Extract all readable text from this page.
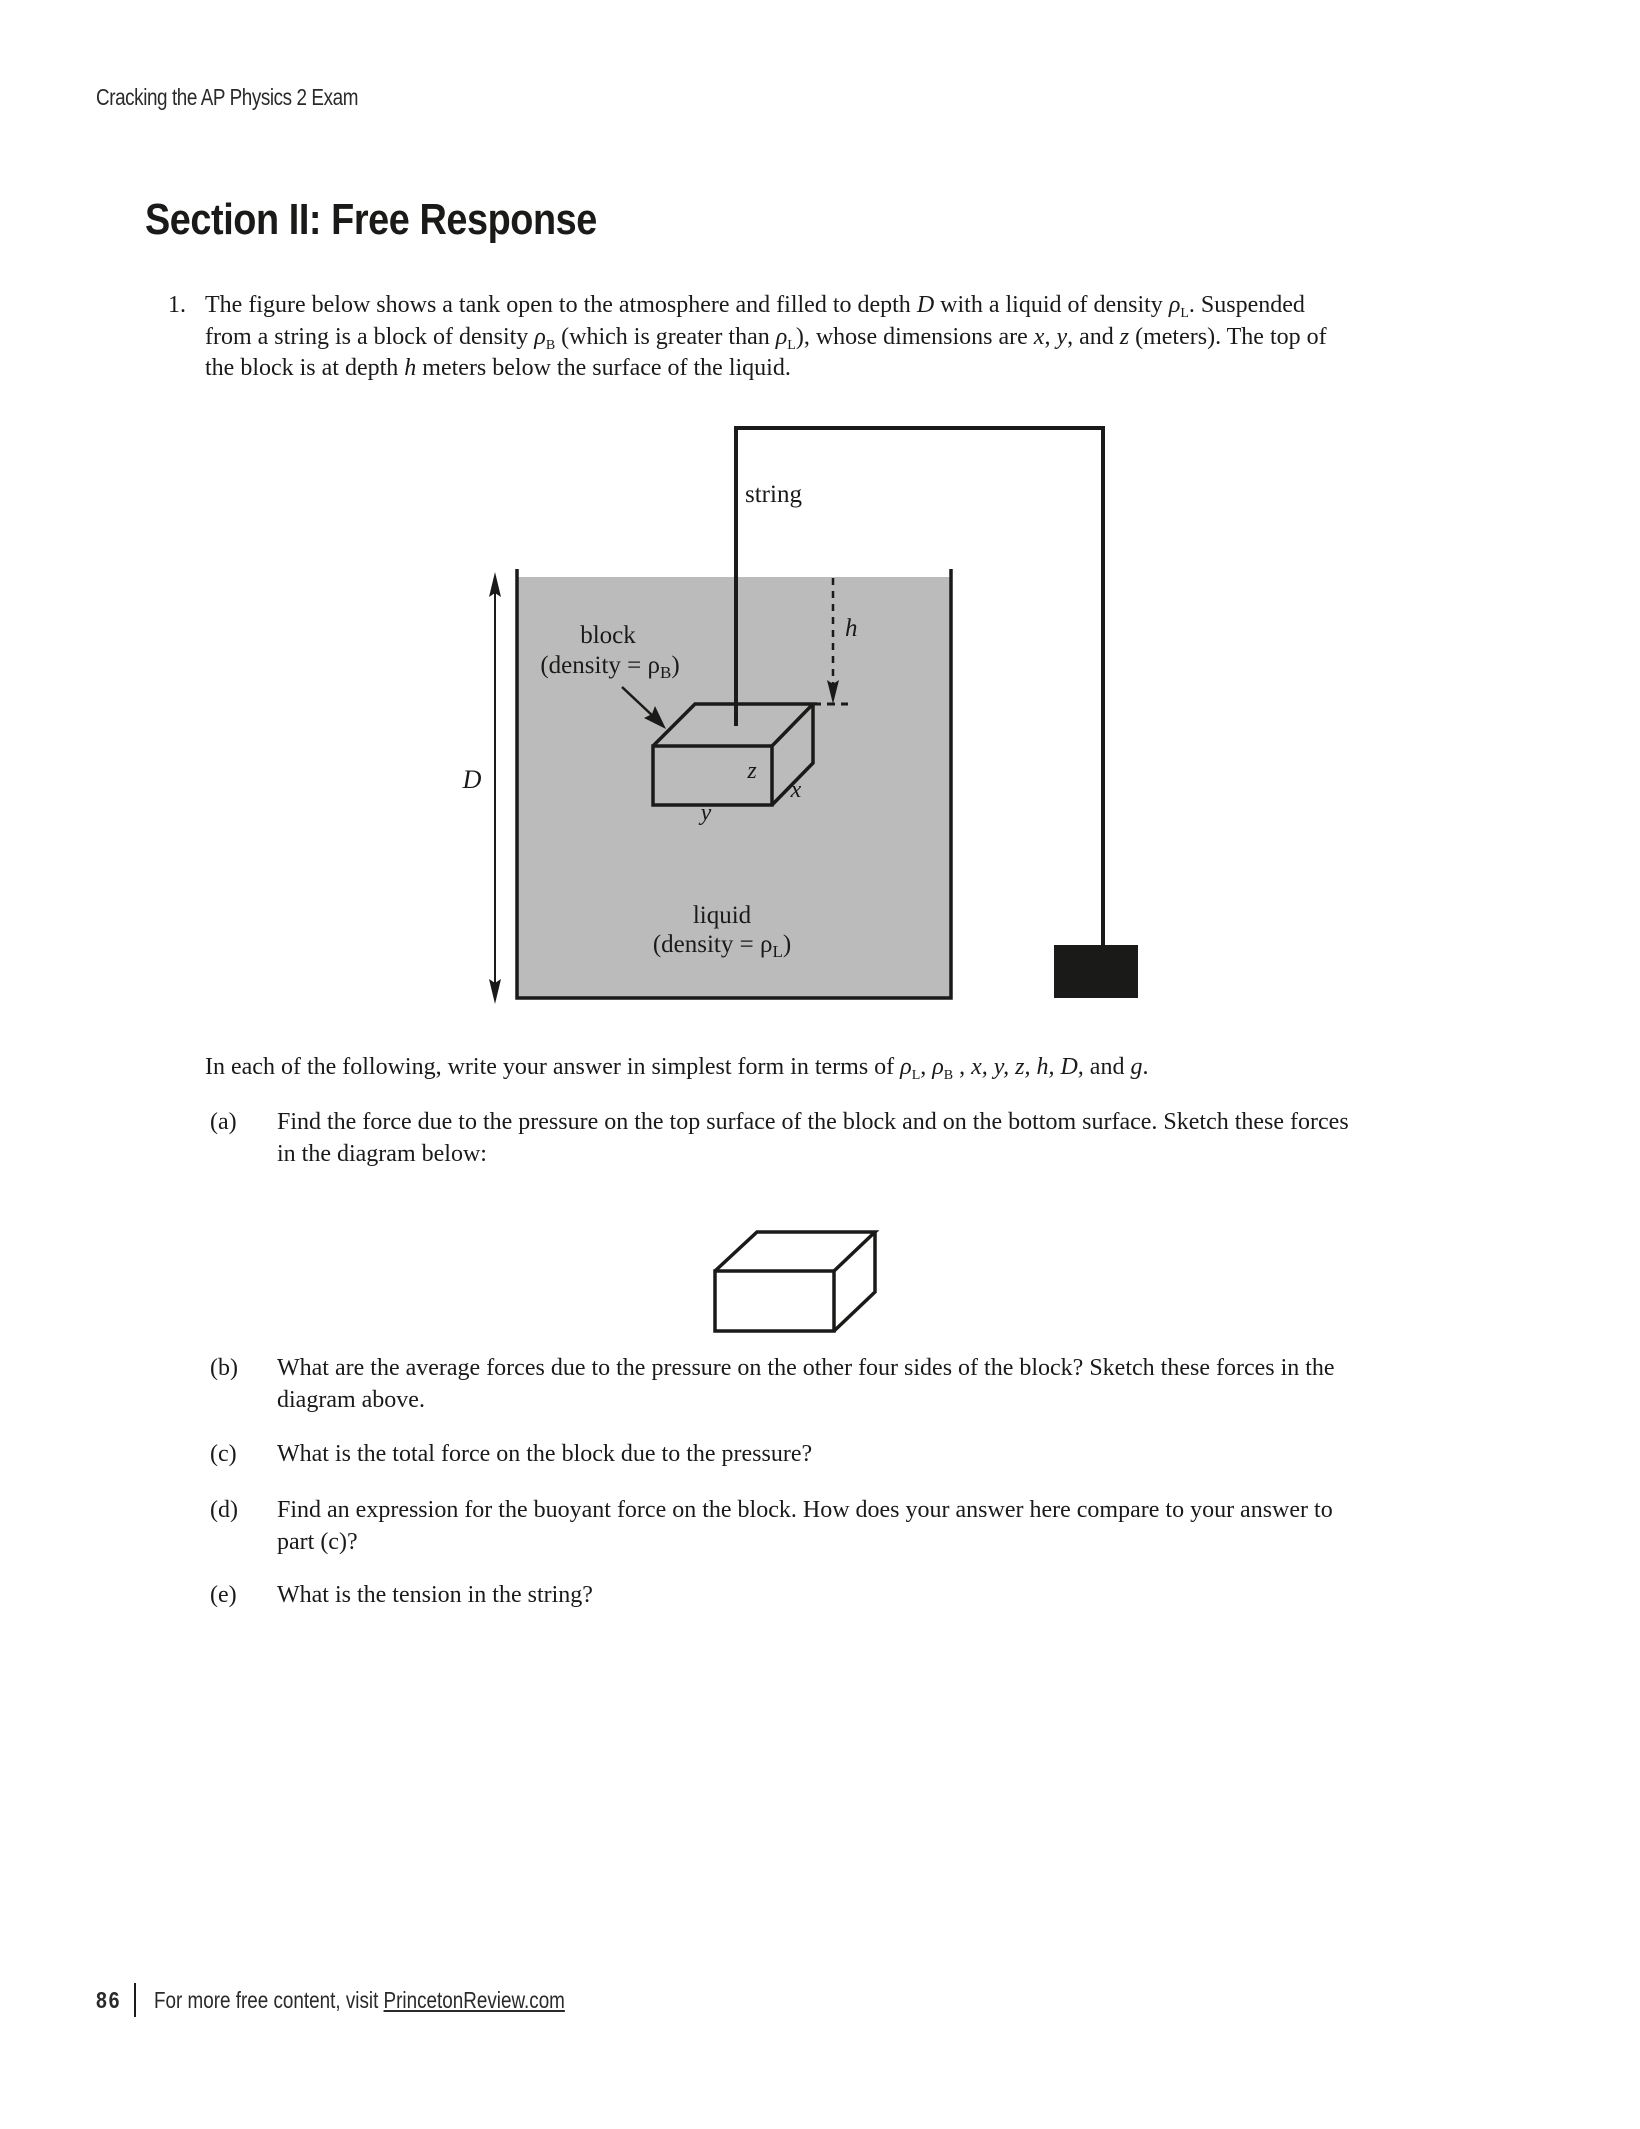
Cracking the AP Physics 2 Exam
Section II: Free Response
1. The figure below shows a tank open to the atmosphere and filled to depth D with a liquid of density $\rho_L$. Suspended
from a string is a block of density $\rho_B$ (which is greater than $\rho_L$), whose dimensions are x, y, and z (meters). The top of
the block is at depth h meters below the surface of the liquid.
D
string
h
z
x
y
block
(density = $\rho_B$)
liquid
(density = $\rho_L$)
In each of the following, write your answer in simplest form in terms of $\rho_L$, $\rho_B$ , x, y, z, h, D, and g.
(a) Find the force due to the pressure on the top surface of the block and on the bottom surface. Sketch these forces
in the diagram below:
(b) What are the average forces due to the pressure on the other four sides of the block? Sketch these forces in the
diagram above.
(c) What is the total force on the block due to the pressure?
(d) Find an expression for the buoyant force on the block. How does your answer here compare to your answer to
part (c)?
(e) What is the tension in the string?
86 For more free content, visit PrincetonReview.com
